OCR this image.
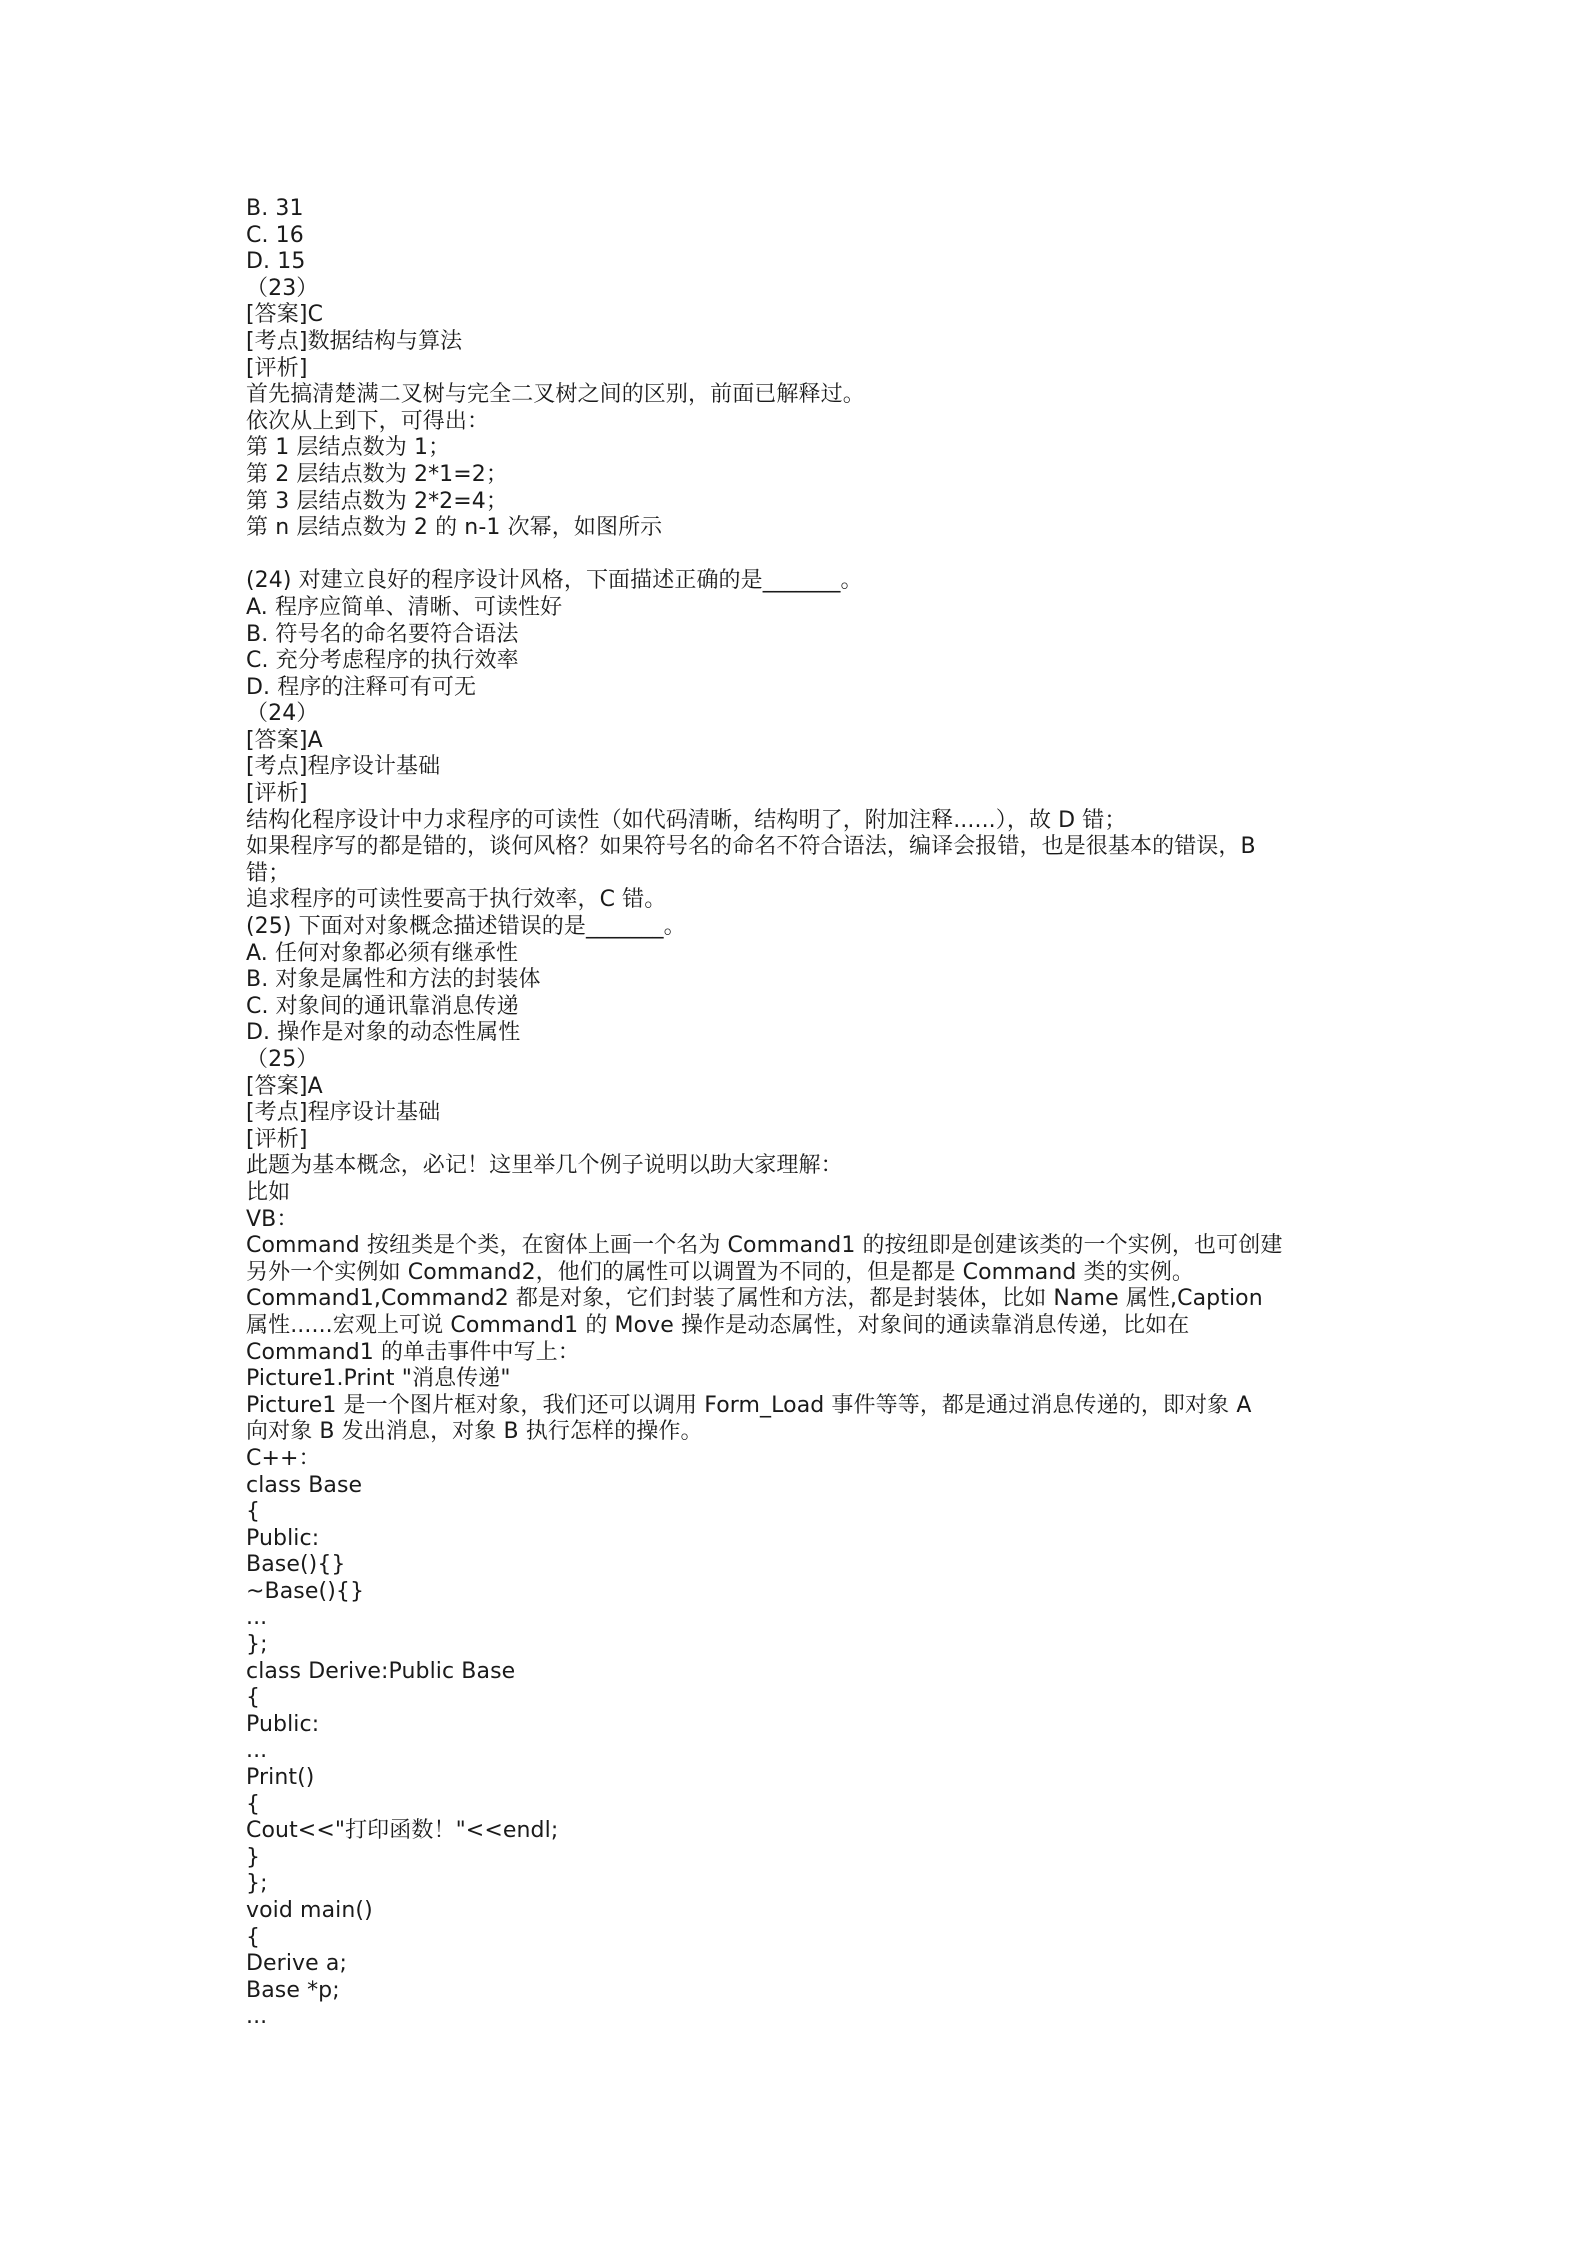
B. 31
C. 16
D. 15
（23）
[答案]C
[考点]数据结构与算法
[评析]
首先搞清楚满二叉树与完全二叉树之间的区别，前面已解释过。
依次从上到下，可得出：
第 1 层结点数为 1；
第 2 层结点数为 2*1=2；
第 3 层结点数为 2*2=4；
第 n 层结点数为 2 的 n-1 次幂，如图所示
(24) 对建立良好的程序设计风格，下面描述正确的是_______。
A. 程序应简单、清晰、可读性好
B. 符号名的命名要符合语法
C. 充分考虑程序的执行效率
D. 程序的注释可有可无
（24）
[答案]A
[考点]程序设计基础
[评析]
结构化程序设计中力求程序的可读性（如代码清晰，结构明了，附加注释......），故 D 错；
如果程序写的都是错的，谈何风格？如果符号名的命名不符合语法，编译会报错，也是很基本的错误，B
错；
追求程序的可读性要高于执行效率，C 错。
(25) 下面对对象概念描述错误的是_______。
A. 任何对象都必须有继承性
B. 对象是属性和方法的封装体
C. 对象间的通讯靠消息传递
D. 操作是对象的动态性属性
（25）
[答案]A
[考点]程序设计基础
[评析]
此题为基本概念，必记！这里举几个例子说明以助大家理解：
比如
VB：
Command 按纽类是个类，在窗体上画一个名为 Command1 的按纽即是创建该类的一个实例，也可创建
另外一个实例如 Command2，他们的属性可以调置为不同的，但是都是 Command 类的实例。
Command1,Command2 都是对象，它们封装了属性和方法，都是封装体，比如 Name 属性,Caption
属性......宏观上可说 Command1 的 Move 操作是动态属性，对象间的通读靠消息传递，比如在
Command1 的单击事件中写上：
Picture1.Print "消息传递"
Picture1 是一个图片框对象，我们还可以调用 Form_Load 事件等等，都是通过消息传递的，即对象 A
向对象 B 发出消息，对象 B 执行怎样的操作。
C++：
class Base
{
Public:
Base(){}
~Base(){}
...
};
class Derive:Public Base
{
Public:
...
Print()
{
Cout<<"打印函数！"<<endl;
}
};
void main()
{
Derive a;
Base *p;
...
